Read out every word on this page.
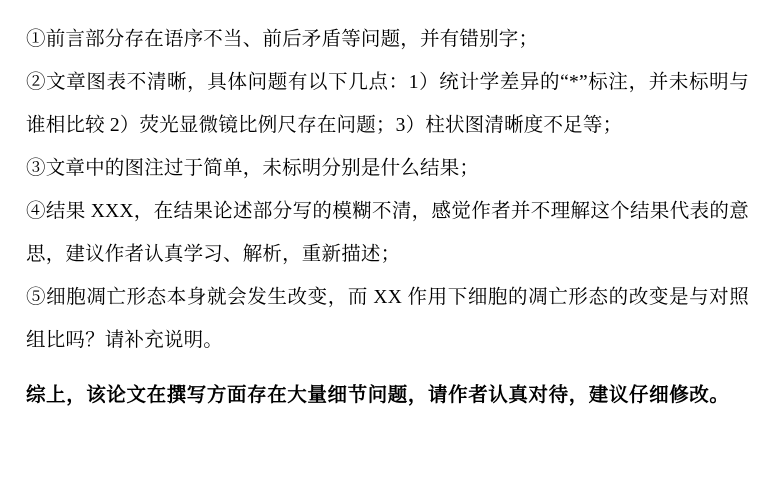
①前言部分存在语序不当、前后矛盾等问题，并有错别字；

②文章图表不清晰，具体问题有以下几点：1）统计学差异的“*”标注，并未标明与谁相比较 2）荧光显微镜比例尺存在问题；3）柱状图清晰度不足等；

③文章中的图注过于简单，未标明分别是什么结果；

④结果 XXX，在结果论述部分写的模糊不清，感觉作者并不理解这个结果代表的意思，建议作者认真学习、解析，重新描述；

⑤细胞凋亡形态本身就会发生改变，而 XX 作用下细胞的凋亡形态的改变是与对照组比吗？请补充说明。

综上，该论文在撰写方面存在大量细节问题，请作者认真对待，建议仔细修改。
